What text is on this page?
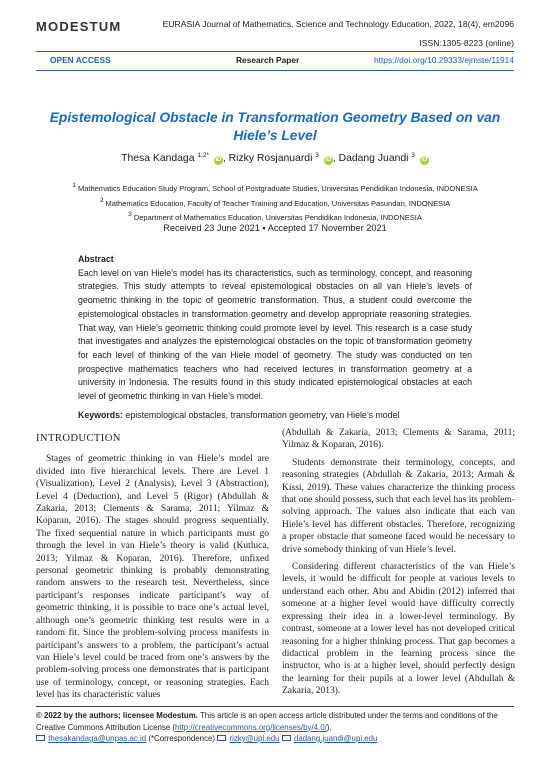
MODESTUM	EURASIA Journal of Mathematics, Science and Technology Education, 2022, 18(4), em2096
ISSN:1305-8223 (online)
OPEN ACCESS	Research Paper	https://doi.org/10.29333/ejmste/11914
Epistemological Obstacle in Transformation Geometry Based on van Hiele’s Level
Thesa Kandaga $^{1,2*}$ iD , Rizky Rosjanuardi $^3$ iD , Dadang Juandi $^3$ iD
1 Mathematics Education Study Program, School of Postgraduate Studies, Universitas Pendidikan Indonesia, INDONESIA
2 Mathematics Education, Faculty of Teacher Training and Education, Universitas Pasundan, INDONESIA
3 Department of Mathematics Education, Universitas Pendidikan Indonesia, INDONESIA
Received 23 June 2021 ▪ Accepted 17 November 2021
Abstract
Each level on van Hiele’s model has its characteristics, such as terminology, concept, and reasoning strategies. This study attempts to reveal epistemological obstacles on all van Hiele’s levels of geometric thinking in the topic of geometric transformation. Thus, a student could overcome the epistemological obstacles in transformation geometry and develop appropriate reasoning strategies. That way, van Hiele’s geometric thinking could promote level by level. This research is a case study that investigates and analyzes the epistemological obstacles on the topic of transformation geometry for each level of thinking of the van Hiele model of geometry. The study was conducted on ten prospective mathematics teachers who had received lectures in transformation geometry at a university in Indonesia. The results found in this study indicated epistemological obstacles at each level of geometric thinking in van Hiele’s model.
Keywords: epistemological obstacles, transformation geometry, van Hiele’s model
INTRODUCTION

Stages of geometric thinking in van Hiele’s model are divided into five hierarchical levels. There are Level 1 (Visualization), Level 2 (Analysis), Level 3 (Abstraction), Level 4 (Deduction), and Level 5 (Rigor) (Abdullah & Zakaria, 2013; Clements & Sarama, 2011; Yilmaz & Koparan, 2016). The stages should progress sequentially. The fixed sequential nature in which participants must go through the level in van Hiele’s theory is valid (Kutluca, 2013; Yilmaz & Koparan, 2016). Therefore, unfixed personal geometric thinking is probably demonstrating random answers to the research test. Nevertheless, since participant’s responses indicate participant’s way of geometric thinking, it is possible to trace one’s actual level, although one’s geometric thinking test results were in a random fit. Since the problem-solving process manifests in participant’s answers to a problem, the participant’s actual van Hiele’s level could be traced from one’s answers by the problem-solving process one demonstrates that is participant use of terminology, concept, or reasoning strategies. Each level has its characteristic values

(Abdullah & Zakaria, 2013; Clements & Sarama, 2011; Yilmaz & Koparan, 2016).

Students demonstrate their terminology, concepts, and reasoning strategies (Abdullah & Zakaria, 2013; Armah & Kissi, 2019). These values characterize the thinking process that one should possess, such that each level has its problem-solving approach. The values also indicate that each van Hiele’s level has different obstacles. Therefore, recognizing a proper obstacle that someone faced would be necessary to drive somebody thinking of van Hiele’s level.

Considering different characteristics of the van Hiele’s levels, it would be difficult for people at various levels to understand each other. Abu and Abidin (2012) inferred that someone at a higher level would have difficulty correctly expressing their idea in a lower-level terminology. By contrast, someone at a lower level has not developed critical reasoning for a higher thinking process. That gap becomes a didactical problem in the learning process since the instructor, who is at a higher level, should perfectly design the learning for their pupils at a lower level (Abdullah & Zakaria, 2013).

© 2022 by the authors; licensee Modestum. This article is an open access article distributed under the terms and conditions of the Creative Commons Attribution License (http://creativecommons.org/licenses/by/4.0/).
thesakandaga@unpas.ac.id (*Correspondence) rizky@upi.edu dadang.juandi@upi.edu
